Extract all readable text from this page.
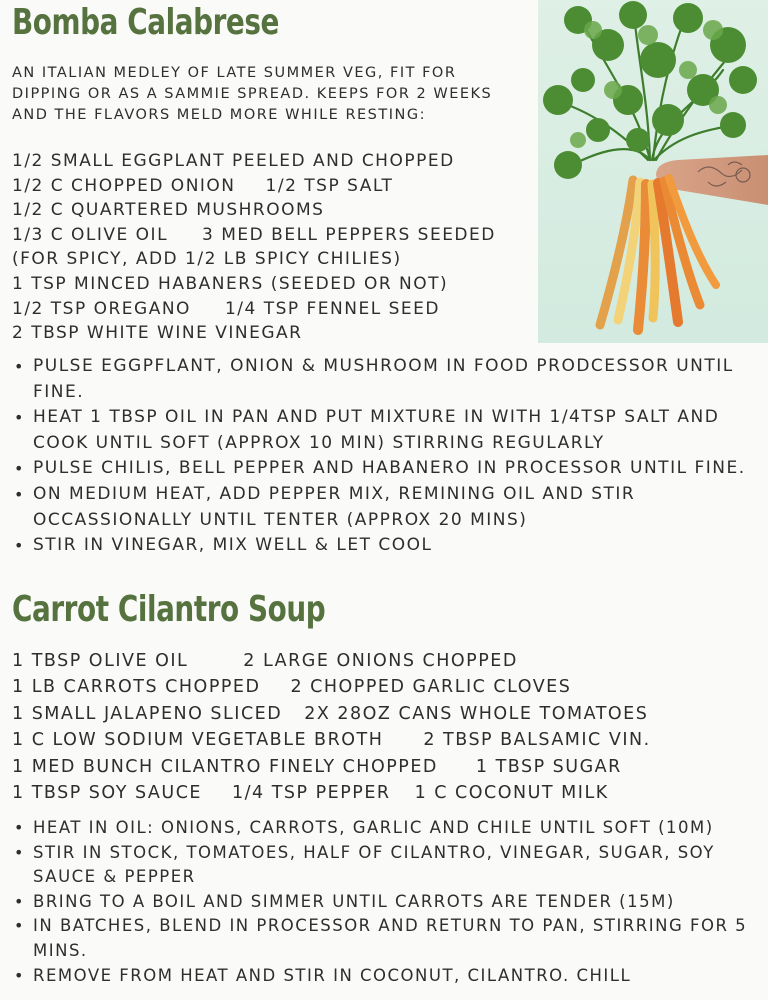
Bomba Calabrese

AN ITALIAN MEDLEY OF LATE SUMMER VEG, FIT FOR DIPPING OR AS A SAMMIE SPREAD. KEEPS FOR 2 WEEKS AND THE FLAVORS MELD MORE WHILE RESTING:

1/2 SMALL EGGPLANT PEELED AND CHOPPED
1/2 C CHOPPED ONION 1/2 TSP SALT
1/2 C QUARTERED MUSHROOMS
1/3 C OLIVE OIL 3 MED BELL PEPPERS SEEDED
(FOR SPICY, ADD 1/2 LB SPICY CHILIES)
1 TSP MINCED HABANERS (SEEDED OR NOT)
1/2 TSP OREGANO 1/4 TSP FENNEL SEED
2 TBSP WHITE WINE VINEGAR
• PULSE EGGPFLANT, ONION & MUSHROOM IN FOOD PRODCESSOR UNTIL FINE.
• HEAT 1 TBSP OIL IN PAN AND PUT MIXTURE IN WITH 1/4TSP SALT AND COOK UNTIL SOFT (APPROX 10 MIN) STIRRING REGULARLY
• PULSE CHILIS, BELL PEPPER AND HABANERO IN PROCESSOR UNTIL FINE.
• ON MEDIUM HEAT, ADD PEPPER MIX, REMINING OIL AND STIR OCCASSIONALLY UNTIL TENTER (APPROX 20 MINS)
• STIR IN VINEGAR, MIX WELL & LET COOL
Carrot Cilantro Soup
1 TBSP OLIVE OIL	2 LARGE ONIONS CHOPPED
1 LB CARROTS CHOPPED 2 CHOPPED GARLIC CLOVES
1 SMALL JALAPENO SLICED 2X 28OZ CANS WHOLE TOMATOES
1 C LOW SODIUM VEGETABLE BROTH 2 TBSP BALSAMIC VIN.
1 MED BUNCH CILANTRO FINELY CHOPPED 1 TBSP SUGAR
1 TBSP SOY SAUCE 1/4 TSP PEPPER 1 C COCONUT MILK
• HEAT IN OIL: ONIONS, CARROTS, GARLIC AND CHILE UNTIL SOFT (10M)
• STIR IN STOCK, TOMATOES, HALF OF CILANTRO, VINEGAR, SUGAR, SOY SAUCE & PEPPER
• BRING TO A BOIL AND SIMMER UNTIL CARROTS ARE TENDER (15M)
• IN BATCHES, BLEND IN PROCESSOR AND RETURN TO PAN, STIRRING FOR 5 MINS.
• REMOVE FROM HEAT AND STIR IN COCONUT, CILANTRO. CHILL
